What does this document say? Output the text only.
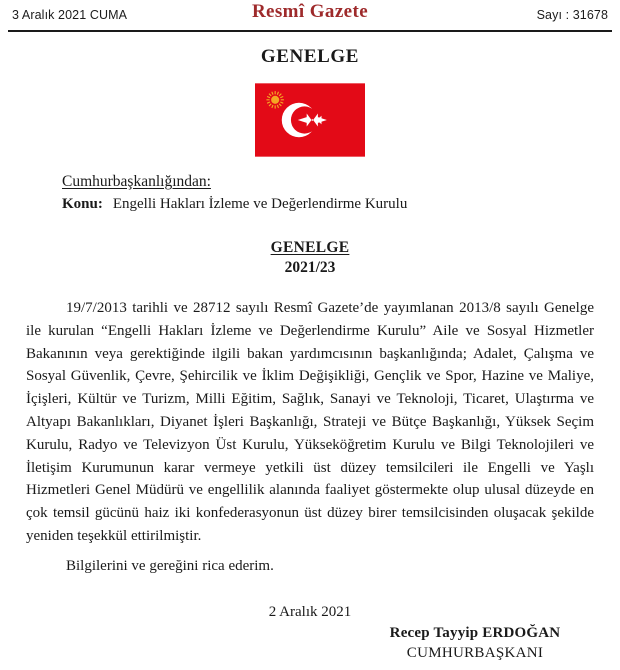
3 Aralık 2021 CUMA	Resmî Gazete	Sayı : 31678
GENELGE
Cumhurbaşkanlığından:
Konu: Engelli Hakları İzleme ve Değerlendirme Kurulu
GENELGE
2021/23

19/7/2013 tarihli ve 28712 sayılı Resmî Gazete’de yayımlanan 2013/8 sayılı Genelge ile kurulan “Engelli Hakları İzleme ve Değerlendirme Kurulu” Aile ve Sosyal Hizmetler Bakanının veya gerektiğinde ilgili bakan yardımcısının başkanlığında; Adalet, Çalışma ve Sosyal Güvenlik, Çevre, Şehircilik ve İklim Değişikliği, Gençlik ve Spor, Hazine ve Maliye, İçişleri, Kültür ve Turizm, Milli Eğitim, Sağlık, Sanayi ve Teknoloji, Ticaret, Ulaştırma ve Altyapı Bakanlıkları, Diyanet İşleri Başkanlığı, Strateji ve Bütçe Başkanlığı, Yüksek Seçim Kurulu, Radyo ve Televizyon Üst Kurulu, Yükseköğretim Kurulu ve Bilgi Teknolojileri ve İletişim Kurumunun karar vermeye yetkili üst düzey temsilcileri ile Engelli ve Yaşlı Hizmetleri Genel Müdürü ve engellilik alanında faaliyet göstermekte olup ulusal düzeyde en çok temsil gücünü haiz iki konfederasyonun üst düzey birer temsilcisinden oluşacak şekilde yeniden teşekkül ettirilmiştir.

Bilgilerini ve gereğini rica ederim.

2 Aralık 2021
Recep Tayyip ERDOĞAN
CUMHURBAŞKANI
